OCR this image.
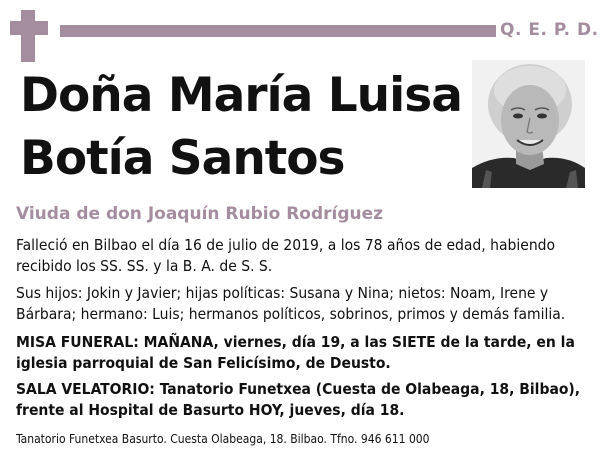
Q. E. P. D.
Doña María Luisa
Botía Santos
Viuda de don Joaquín Rubio Rodríguez
Falleció en Bilbao el día 16 de julio de 2019, a los 78 años de edad, habiendo recibido los SS. SS. y la B. A. de S. S.
Sus hijos: Jokin y Javier; hijas políticas: Susana y Nina; nietos: Noam, Irene y Bárbara; hermano: Luis; hermanos políticos, sobrinos, primos y demás familia.
MISA FUNERAL: MAÑANA, viernes, día 19, a las SIETE de la tarde, en la iglesia parroquial de San Felicísimo, de Deusto.
SALA VELATORIO: Tanatorio Funetxea (Cuesta de Olabeaga, 18, Bilbao), frente al Hospital de Basurto HOY, jueves, día 18.
Tanatorio Funetxea Basurto. Cuesta Olabeaga, 18. Bilbao. Tfno. 946 611 000
